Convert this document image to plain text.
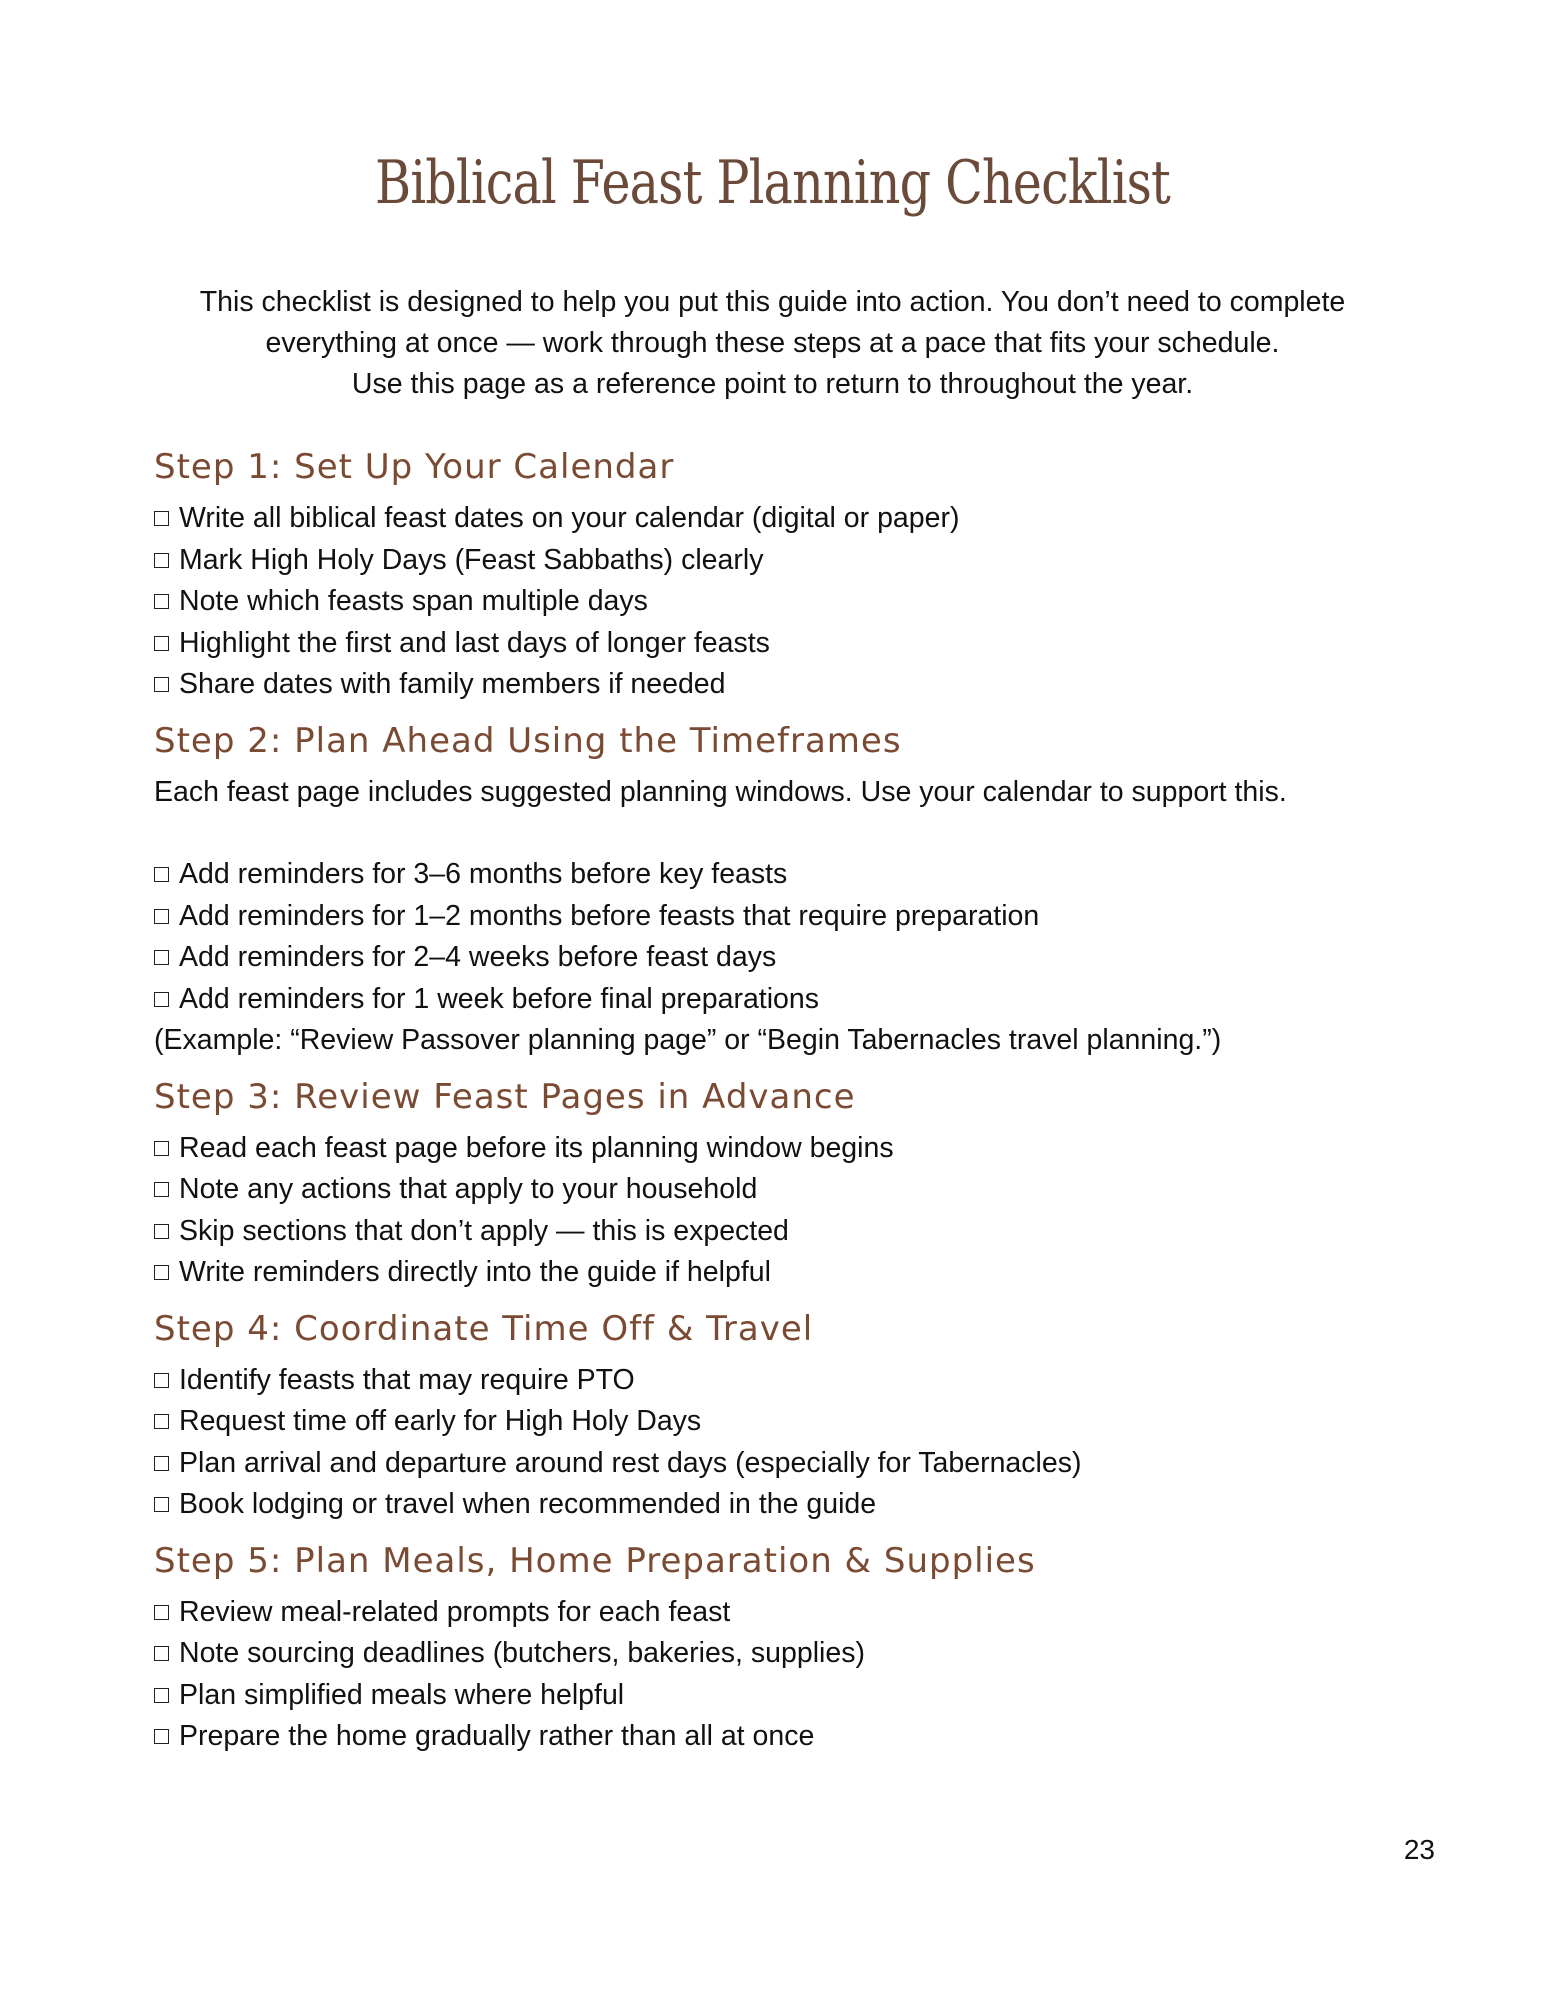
Biblical Feast Planning Checklist
This checklist is designed to help you put this guide into action. You don’t need to complete
everything at once — work through these steps at a pace that fits your schedule.
Use this page as a reference point to return to throughout the year.
Step 1: Set Up Your Calendar
Write all biblical feast dates on your calendar (digital or paper)
Mark High Holy Days (Feast Sabbaths) clearly
Note which feasts span multiple days
Highlight the first and last days of longer feasts
Share dates with family members if needed
Step 2: Plan Ahead Using the Timeframes

Each feast page includes suggested planning windows. Use your calendar to support this.

Add reminders for 3–6 months before key feasts
Add reminders for 1–2 months before feasts that require preparation
Add reminders for 2–4 weeks before feast days
Add reminders for 1 week before final preparations

(Example: “Review Passover planning page” or “Begin Tabernacles travel planning.”)

Step 3: Review Feast Pages in Advance
Read each feast page before its planning window begins
Note any actions that apply to your household
Skip sections that don’t apply — this is expected
Write reminders directly into the guide if helpful
Step 4: Coordinate Time Off & Travel
Identify feasts that may require PTO
Request time off early for High Holy Days
Plan arrival and departure around rest days (especially for Tabernacles)
Book lodging or travel when recommended in the guide
Step 5: Plan Meals, Home Preparation & Supplies
Review meal-related prompts for each feast
Note sourcing deadlines (butchers, bakeries, supplies)
Plan simplified meals where helpful
Prepare the home gradually rather than all at once
23
